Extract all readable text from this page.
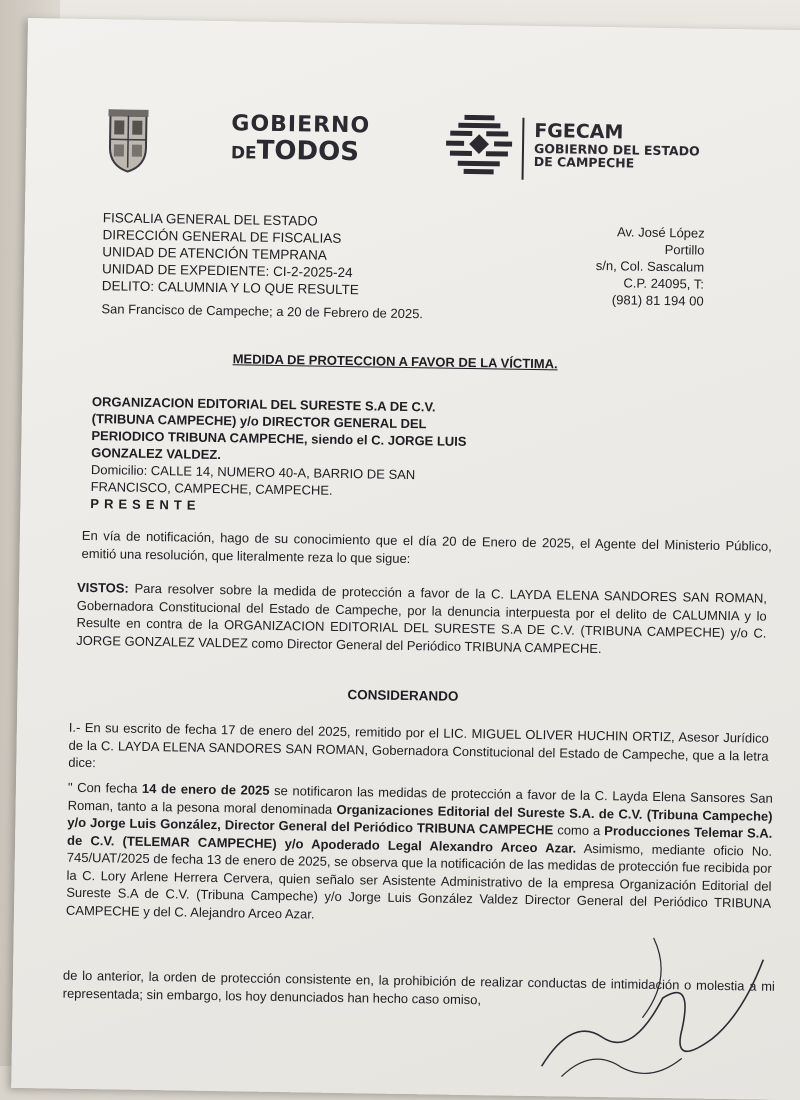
GOBIERNO
DETODOS
FGECAM
GOBIERNO DEL ESTADO
DE CAMPECHE
FISCALIA GENERAL DEL ESTADO
DIRECCIÓN GENERAL DE FISCALIAS
UNIDAD DE ATENCIÓN TEMPRANA
UNIDAD DE EXPEDIENTE: CI-2-2025-24
DELITO: CALUMNIA Y LO QUE RESULTE
Av. José López
Portillo
s/n, Col. Sascalum
C.P. 24095, T:
(981) 81 194 00
San Francisco de Campeche; a 20 de Febrero de 2025.
MEDIDA DE PROTECCION A FAVOR DE LA VÍCTIMA.
ORGANIZACION EDITORIAL DEL SURESTE S.A DE C.V. (TRIBUNA CAMPECHE) y/o DIRECTOR GENERAL DEL PERIODICO TRIBUNA CAMPECHE, siendo el C. JORGE LUIS GONZALEZ VALDEZ.
Domicilio: CALLE 14, NUMERO 40-A, BARRIO DE SAN FRANCISCO, CAMPECHE, CAMPECHE.
PRESENTE
En vía de notificación, hago de su conocimiento que el día 20 de Enero de 2025, el Agente del Ministerio Público, emitió una resolución, que literalmente reza lo que sigue:
VISTOS: Para resolver sobre la medida de protección a favor de la C. LAYDA ELENA SANDORES SAN ROMAN, Gobernadora Constitucional del Estado de Campeche, por la denuncia interpuesta por el delito de CALUMNIA y lo Resulte en contra de la ORGANIZACION EDITORIAL DEL SURESTE S.A DE C.V. (TRIBUNA CAMPECHE) y/o C. JORGE GONZALEZ VALDEZ como Director General del Periódico TRIBUNA CAMPECHE.
CONSIDERANDO
I.- En su escrito de fecha 17 de enero del 2025, remitido por el LIC. MIGUEL OLIVER HUCHIN ORTIZ, Asesor Jurídico de la C. LAYDA ELENA SANDORES SAN ROMAN, Gobernadora Constitucional del Estado de Campeche, que a la letra dice:
" Con fecha 14 de enero de 2025 se notificaron las medidas de protección a favor de la C. Layda Elena Sansores San Roman, tanto a la pesona moral denominada Organizaciones Editorial del Sureste S.A. de C.V. (Tribuna Campeche) y/o Jorge Luis González, Director General del Periódico TRIBUNA CAMPECHE como a Producciones Telemar S.A. de C.V. (TELEMAR CAMPECHE) y/o Apoderado Legal Alexandro Arceo Azar. Asimismo, mediante oficio No. 745/UAT/2025 de fecha 13 de enero de 2025, se observa que la notificación de las medidas de protección fue recibida por la C. Lory Arlene Herrera Cervera, quien señalo ser Asistente Administrativo de la empresa Organización Editorial del Sureste S.A de C.V. (Tribuna Campeche) y/o Jorge Luis González Valdez Director General del Periódico TRIBUNA CAMPECHE y del C. Alejandro Arceo Azar.
de lo anterior, la orden de protección consistente en, la prohibición de realizar conductas de intimidación o molestia a mi representada; sin embargo, los hoy denunciados han hecho caso omiso,
